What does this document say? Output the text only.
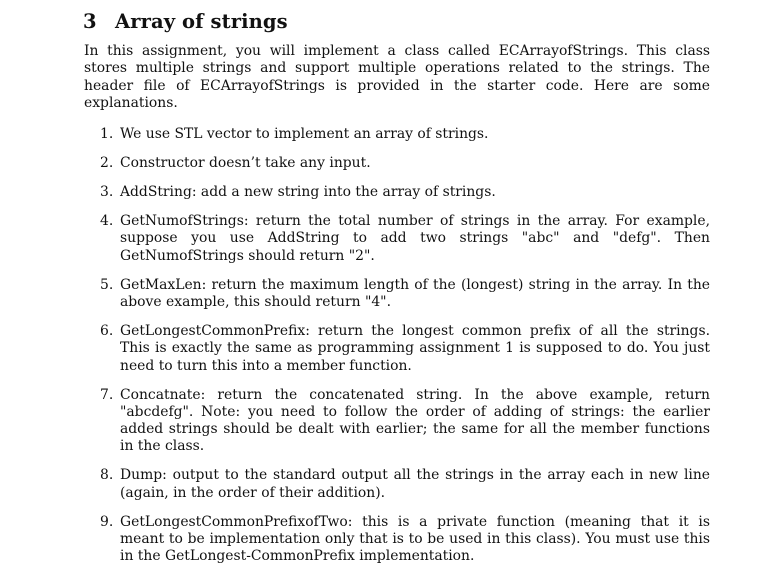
3 Array of strings

In this assignment, you will implement a class called ECArrayofStrings. This class stores multiple strings and support multiple operations related to the strings. The header file of ECArrayofStrings is provided in the starter code. Here are some explanations.

1. We use STL vector to implement an array of strings.
2. Constructor doesn’t take any input.
3. AddString: add a new string into the array of strings.
4. GetNumofStrings: return the total number of strings in the array. For example, suppose you use AddString to add two strings "abc" and "defg". Then GetNumofStrings should return "2".
5. GetMaxLen: return the maximum length of the (longest) string in the array. In the above example, this should return "4".
6. GetLongestCommonPrefix: return the longest common prefix of all the strings. This is exactly the same as programming assignment 1 is supposed to do. You just need to turn this into a member function.
7. Concatnate: return the concatenated string. In the above example, return "abcdefg". Note: you need to follow the order of adding of strings: the earlier added strings should be dealt with earlier; the same for all the member functions in the class.
8. Dump: output to the standard output all the strings in the array each in new line (again, in the order of their addition).
9. GetLongestCommonPrefixofTwo: this is a private function (meaning that it is meant to be implementation only that is to be used in this class). You must use this in the GetLongest-CommonPrefix implementation.
